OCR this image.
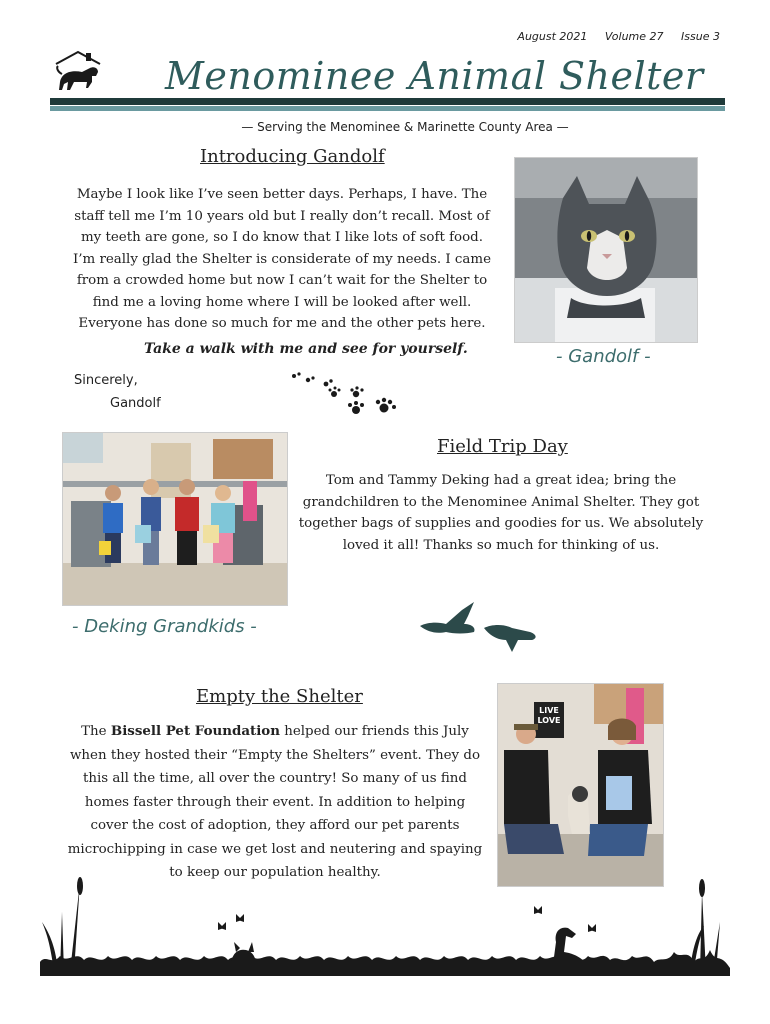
August 2021 Volume 27 Issue 3
Menominee Animal Shelter
— Serving the Menominee & Marinette County Area —
Introducing Gandolf
Maybe I look like I’ve seen better days. Perhaps, I have. The
staff tell me I’m 10 years old but I really don’t recall. Most of
my teeth are gone, so I do know that I like lots of soft food.
I’m really glad the Shelter is considerate of my needs. I came
from a crowded home but now I can’t wait for the Shelter to
find me a loving home where I will be looked after well.
Everyone has done so much for me and the other pets here.
Take a walk with me and see for yourself.
Sincerely,
Gandolf
- Gandolf -
- Deking Grandkids -
Field Trip Day
Tom and Tammy Deking had a great idea; bring the
grandchildren to the Menominee Animal Shelter. They got
together bags of supplies and goodies for us. We absolutely
loved it all! Thanks so much for thinking of us.
Empty the Shelter
The Bissell Pet Foundation helped our friends this July
when they hosted their “Empty the Shelters” event. They do
this all the time, all over the country! So many of us find
homes faster through their event. In addition to helping
cover the cost of adoption, they afford our pet parents
microchipping in case we get lost and neutering and spaying
to keep our population healthy.
LIVE LOVE
